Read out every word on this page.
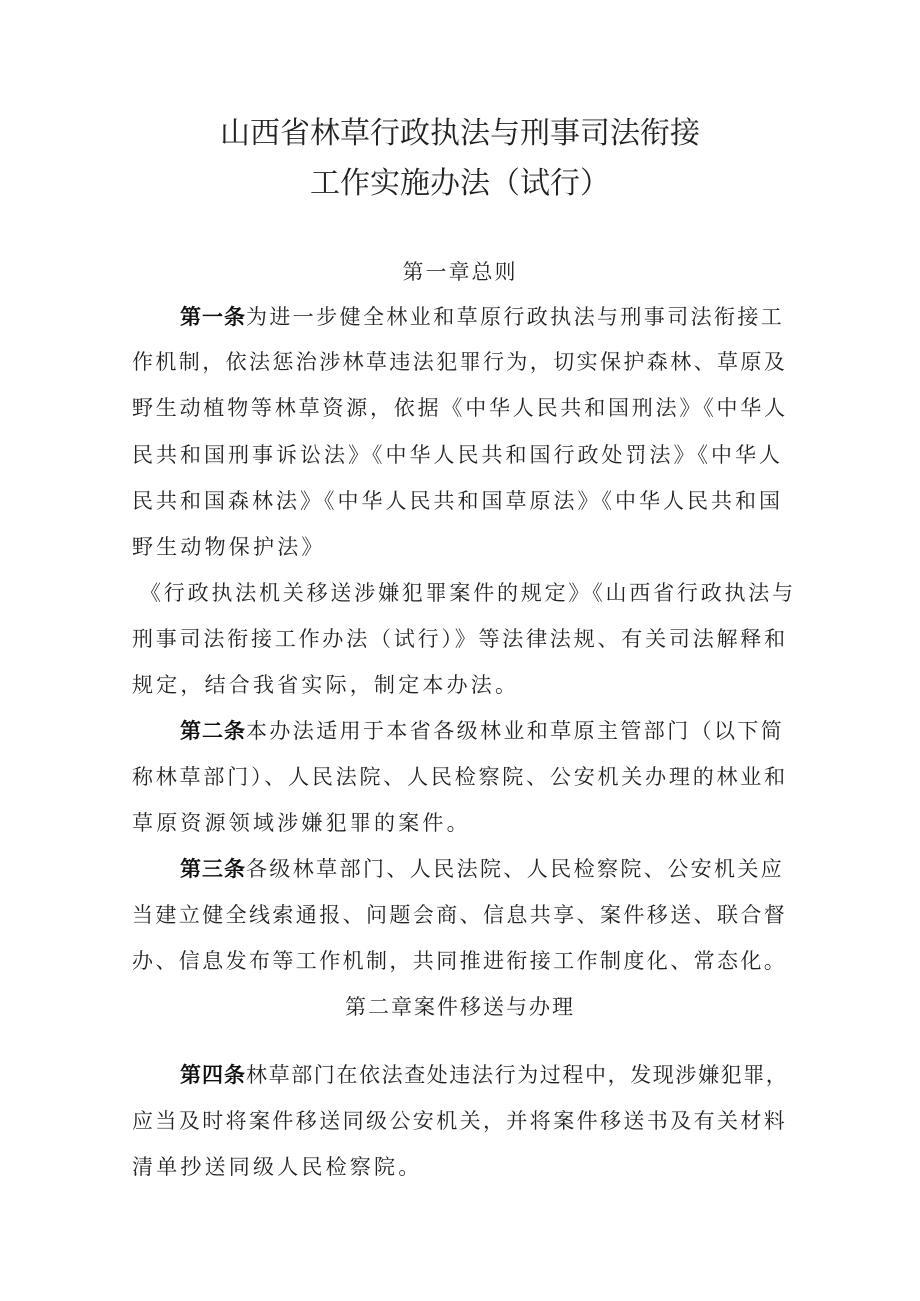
山西省林草行政执法与刑事司法衔接
工作实施办法（试行）
第一章总则
第一条为进一步健全林业和草原行政执法与刑事司法衔接工
作机制，依法惩治涉林草违法犯罪行为，切实保护森林、草原及
野生动植物等林草资源，依据《中华人民共和国刑法》《中华人
民共和国刑事诉讼法》《中华人民共和国行政处罚法》《中华人
民共和国森林法》《中华人民共和国草原法》《中华人民共和国
野生动物保护法》
《行政执法机关移送涉嫌犯罪案件的规定》《山西省行政执法与
刑事司法衔接工作办法（试行）》等法律法规、有关司法解释和
规定，结合我省实际，制定本办法。
第二条本办法适用于本省各级林业和草原主管部门（以下简
称林草部门）、人民法院、人民检察院、公安机关办理的林业和
草原资源领域涉嫌犯罪的案件。
第三条各级林草部门、人民法院、人民检察院、公安机关应
当建立健全线索通报、问题会商、信息共享、案件移送、联合督
办、信息发布等工作机制，共同推进衔接工作制度化、常态化。
第二章案件移送与办理
第四条林草部门在依法查处违法行为过程中，发现涉嫌犯罪，
应当及时将案件移送同级公安机关，并将案件移送书及有关材料
清单抄送同级人民检察院。
